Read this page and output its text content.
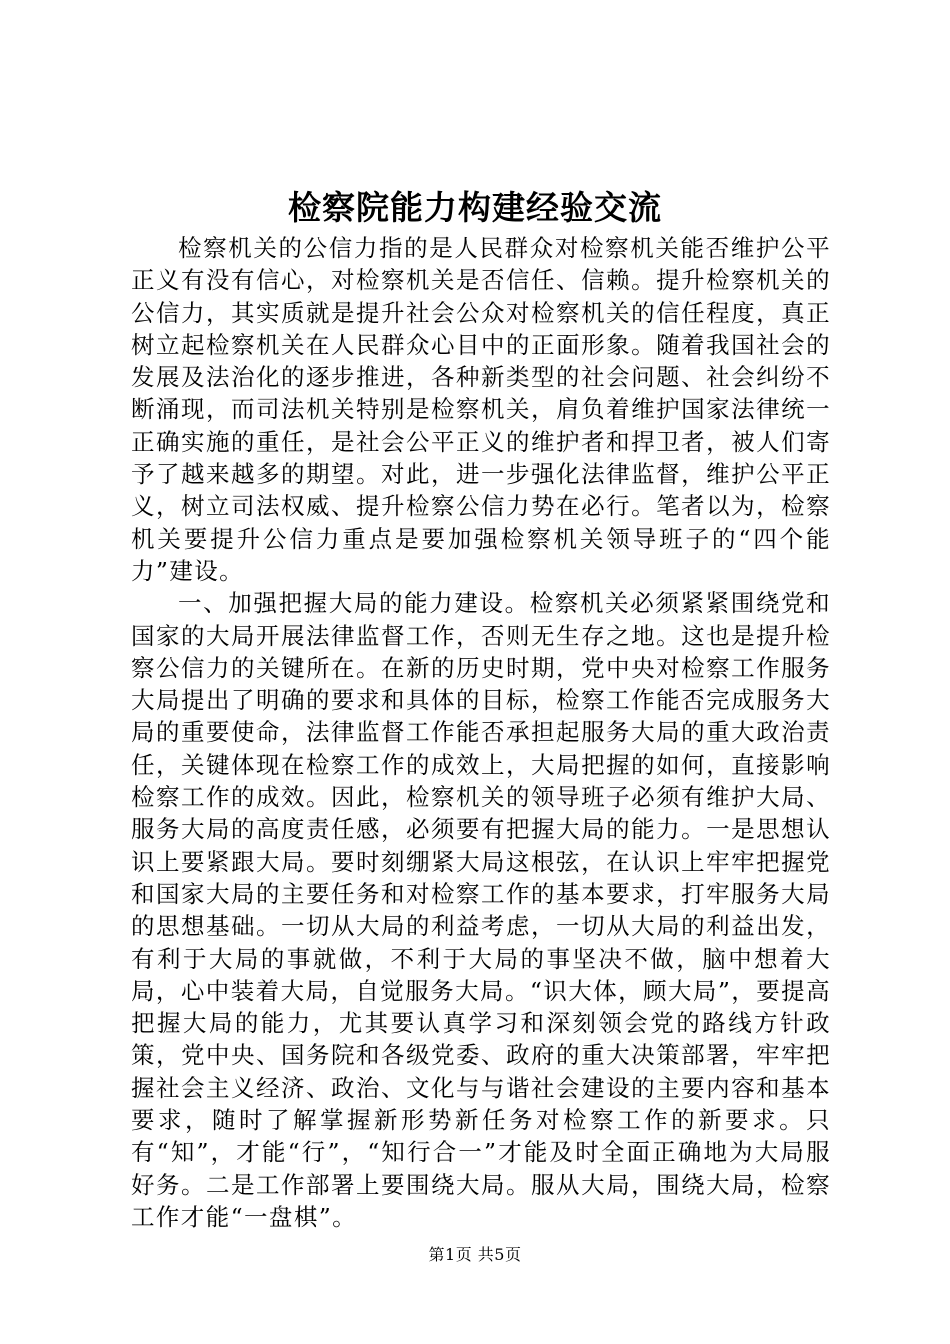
检察院能力构建经验交流

检察机关的公信力指的是人民群众对检察机关能否维护公平正义有没有信心，对检察机关是否信任、信赖。提升检察机关的公信力，其实质就是提升社会公众对检察机关的信任程度，真正树立起检察机关在人民群众心目中的正面形象。随着我国社会的发展及法治化的逐步推进，各种新类型的社会问题、社会纠纷不断涌现，而司法机关特别是检察机关，肩负着维护国家法律统一正确实施的重任，是社会公平正义的维护者和捍卫者，被人们寄予了越来越多的期望。对此，进一步强化法律监督，维护公平正义，树立司法权威、提升检察公信力势在必行。笔者以为，检察机关要提升公信力重点是要加强检察机关领导班子的“四个能力”建设。

一、加强把握大局的能力建设。检察机关必须紧紧围绕党和国家的大局开展法律监督工作，否则无生存之地。这也是提升检察公信力的关键所在。在新的历史时期，党中央对检察工作服务大局提出了明确的要求和具体的目标，检察工作能否完成服务大局的重要使命，法律监督工作能否承担起服务大局的重大政治责任，关键体现在检察工作的成效上，大局把握的如何，直接影响检察工作的成效。因此，检察机关的领导班子必须有维护大局、服务大局的高度责任感，必须要有把握大局的能力。一是思想认识上要紧跟大局。要时刻绷紧大局这根弦，在认识上牢牢把握党和国家大局的主要任务和对检察工作的基本要求，打牢服务大局的思想基础。一切从大局的利益考虑，一切从大局的利益出发，有利于大局的事就做，不利于大局的事坚决不做，脑中想着大局，心中装着大局，自觉服务大局。“识大体，顾大局”，要提高把握大局的能力，尤其要认真学习和深刻领会党的路线方针政策，党中央、国务院和各级党委、政府的重大决策部署，牢牢把握社会主义经济、政治、文化与与谐社会建设的主要内容和基本要求，随时了解掌握新形势新任务对检察工作的新要求。只有“知”，才能“行”，“知行合一”才能及时全面正确地为大局服好务。二是工作部署上要围绕大局。服从大局，围绕大局，检察工作才能“一盘棋”。

第1页 共5页
